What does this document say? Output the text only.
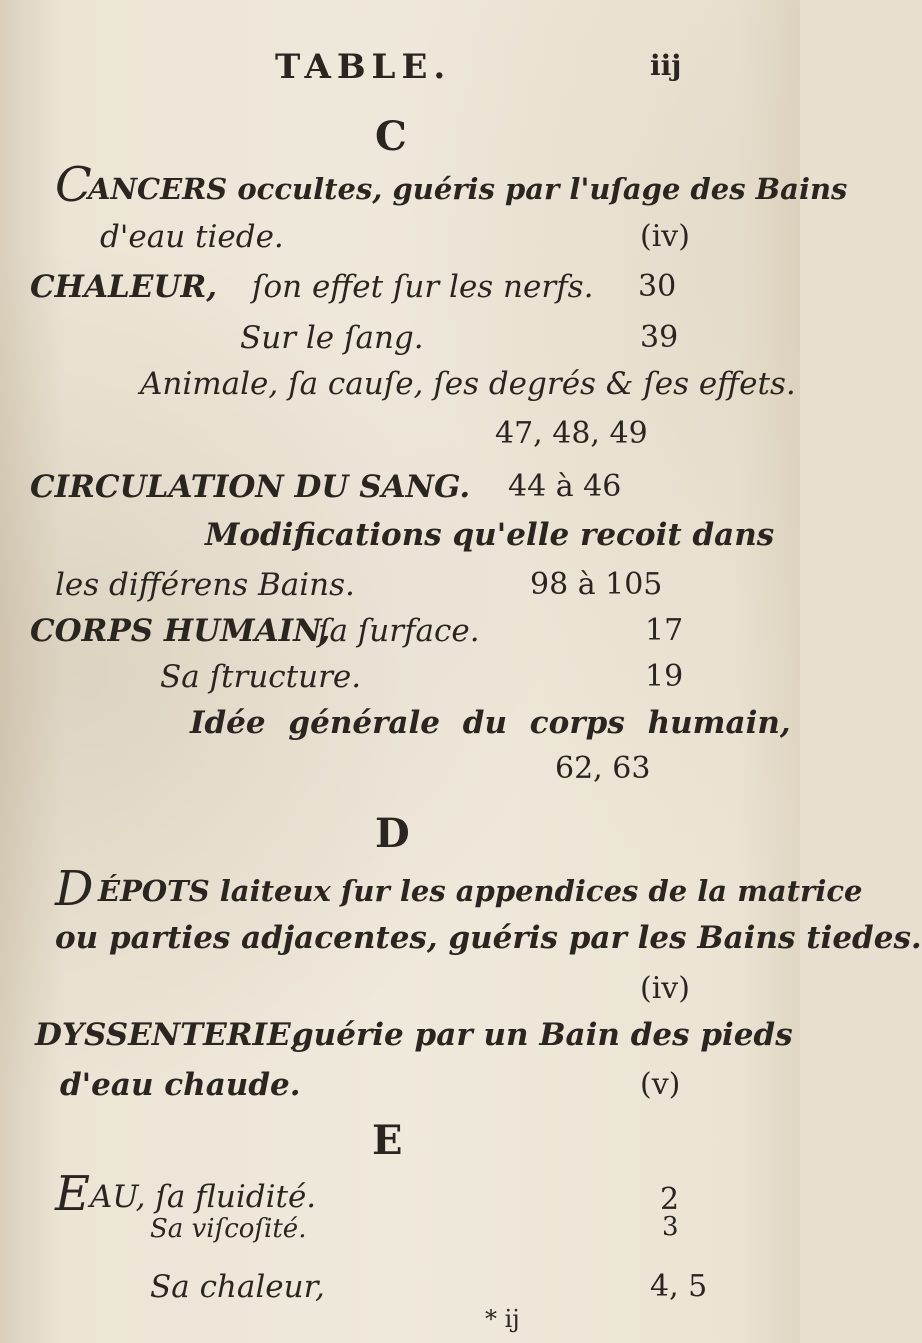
TABLE.	iij
C
C
ANCERS occultes, guéris par l'uſage des Bains
d'eau tiede.	(iv)
CHALEUR, ſon effet ſur les nerfs. 30
Sur le ſang.	39
Animale, ſa cauſe, ſes degrés & ſes effets.
47, 48, 49
CIRCULATION DU SANG. 44 à 46
Modifications qu'elle recoit dans
les différens Bains.	98 à 105
CORPS HUMAIN,
ſa ſurface.	17
Sa ſtructure.	19
Idée générale du corps humain,
62, 63
D
D ÉPOTS laiteux ſur les appendices de la matrice
ou parties adjacentes, guéris par les Bains tiedes.
(iv)
DYSSENTERIE,
guérie par un Bain des pieds
d'eau chaude.	(v)
E
E AU, ſa fluidité.	2
Sa viſcoſité.	3
Sa chaleur,	4, 5
* ij
